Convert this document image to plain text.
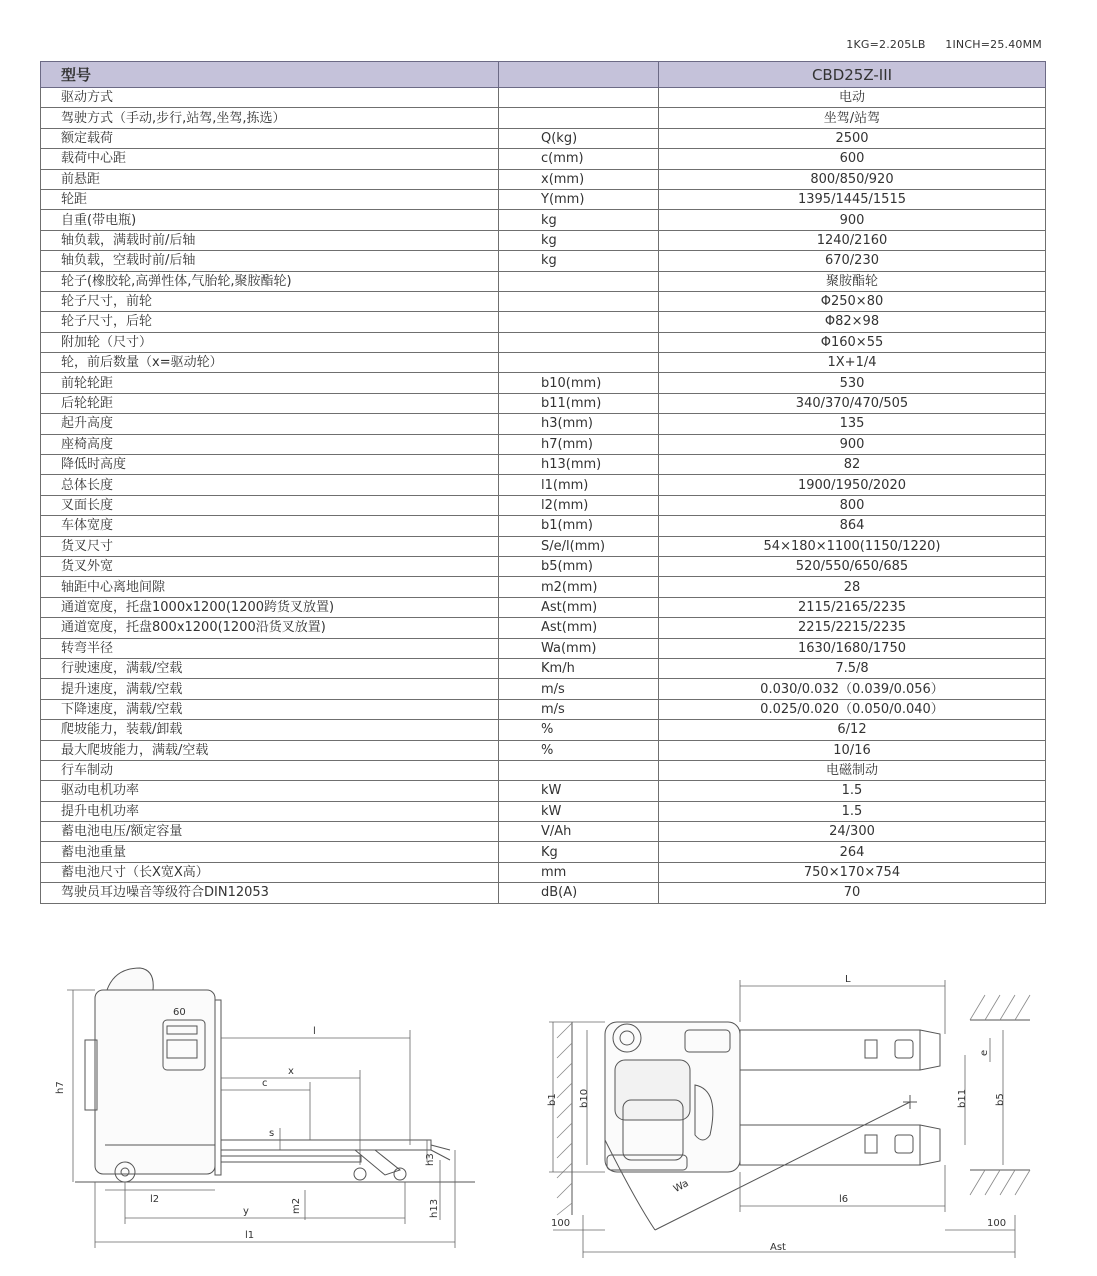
1KG=2.205LB 1INCH=25.40MM
型号		CBD25Z-III
驱动方式		电动
驾驶方式（手动,步行,站驾,坐驾,拣选）		坐驾/站驾
额定载荷	Q(kg)	2500
载荷中心距	c(mm)	600
前悬距	x(mm)	800/850/920
轮距	Y(mm)	1395/1445/1515
自重(带电瓶)	kg	900
轴负载，满载时前/后轴	kg	1240/2160
轴负载，空载时前/后轴	kg	670/230
轮子(橡胶轮,高弹性体,气胎轮,聚胺酯轮)		聚胺酯轮
轮子尺寸，前轮		Φ250×80
轮子尺寸，后轮		Φ82×98
附加轮（尺寸）		Φ160×55
轮，前后数量（x=驱动轮）		1X+1/4
前轮轮距	b10(mm)	530
后轮轮距	b11(mm)	340/370/470/505
起升高度	h3(mm)	135
座椅高度	h7(mm)	900
降低时高度	h13(mm)	82
总体长度	l1(mm)	1900/1950/2020
叉面长度	l2(mm)	800
车体宽度	b1(mm)	864
货叉尺寸	S/e/l(mm)	54×180×1100(1150/1220)
货叉外宽	b5(mm)	520/550/650/685
轴距中心离地间隙	m2(mm)	28
通道宽度，托盘1000x1200(1200跨货叉放置)	Ast(mm)	2115/2165/2235
通道宽度，托盘800x1200(1200沿货叉放置)	Ast(mm)	2215/2215/2235
转弯半径	Wa(mm)	1630/1680/1750
行驶速度，满载/空载	Km/h	7.5/8
提升速度，满载/空载	m/s	0.030/0.032（0.039/0.056）
下降速度，满载/空载	m/s	0.025/0.020（0.050/0.040）
爬坡能力，装载/卸载	%	6/12
最大爬坡能力，满载/空载	%	10/16
行车制动		电磁制动
驱动电机功率	kW	1.5
提升电机功率	kW	1.5
蓄电池电压/额定容量	V/Ah	24/300
蓄电池重量	Kg	264
蓄电池尺寸（长X宽X高）	mm	750×170×754
驾驶员耳边噪音等级符合DIN12053	dB(A)	70
60
h7
l
x
c
s
h3
l2	m2
y	h13
l1
L
b1 b10	b11	b5
e
l6
Wa
100	100
Ast
